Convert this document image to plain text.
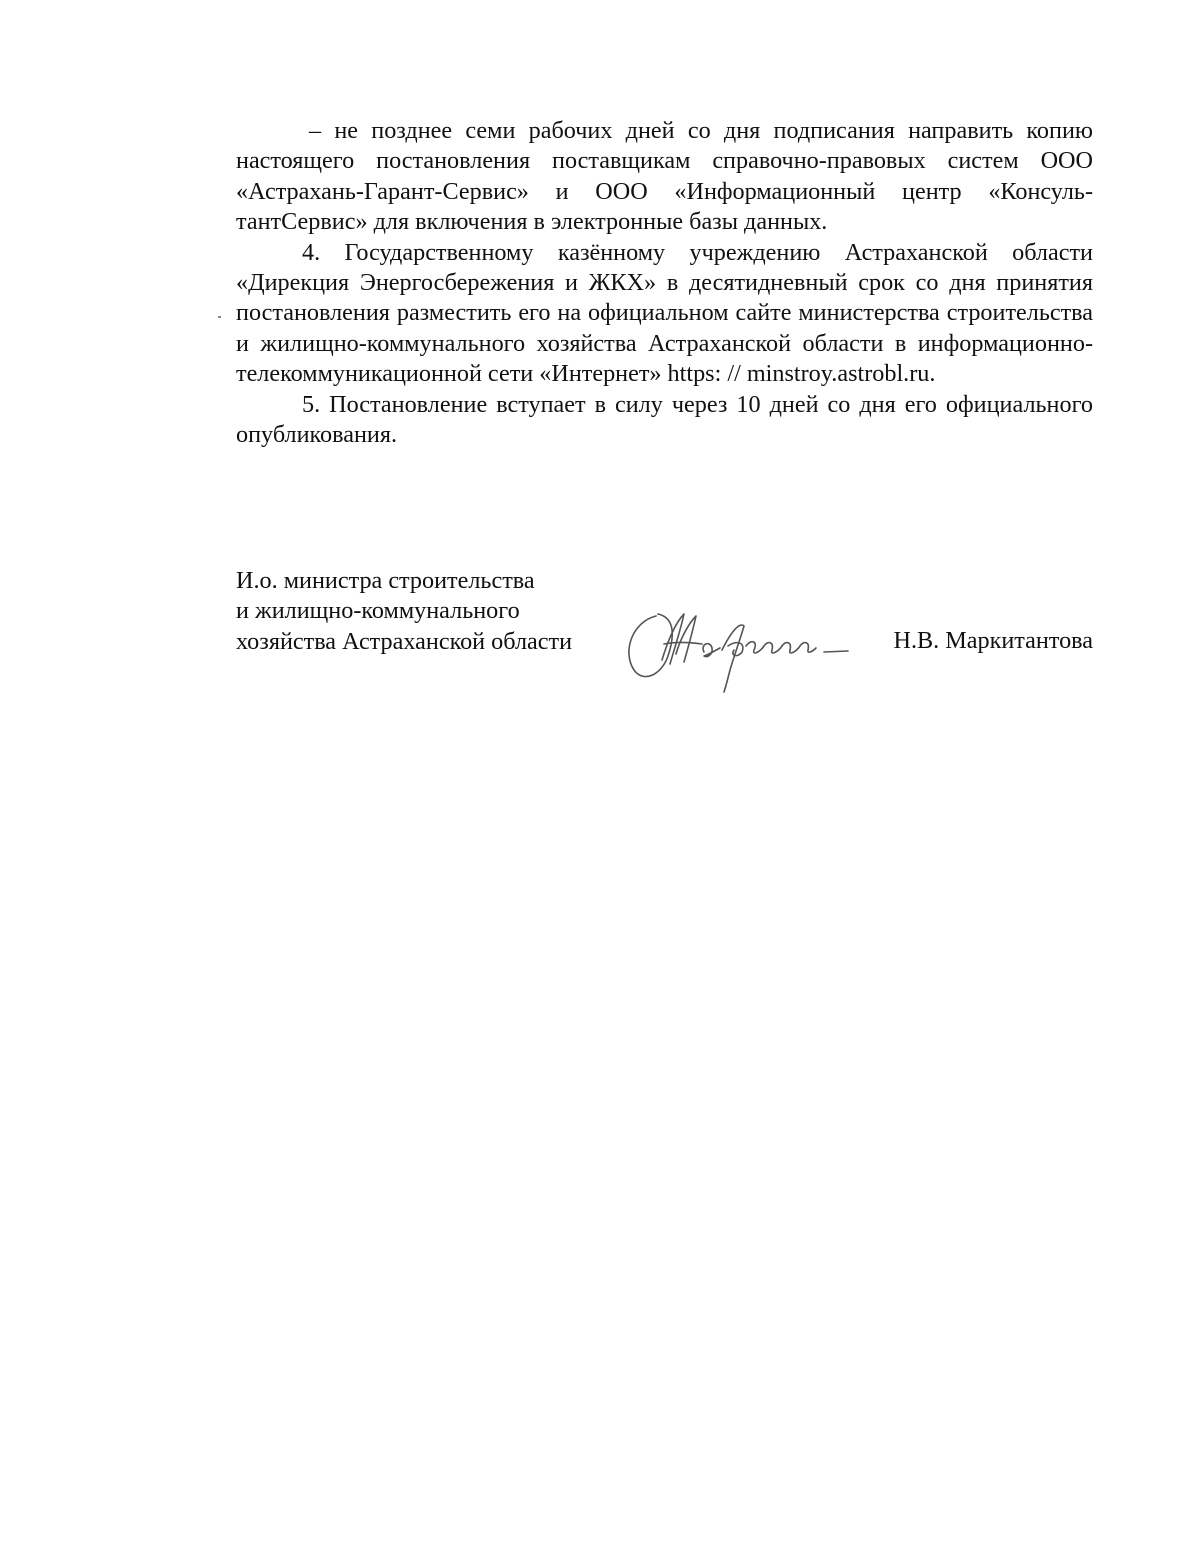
– не позднее семи рабочих дней со дня подписания направить копию настоящего постановления поставщикам справочно-правовых систем ООО «Астрахань-Гарант-Сервис» и ООО «Информационный центр «КонсультантСервис» для включения в электронные базы данных.

4. Государственному казённому учреждению Астраханской области «Дирекция Энергосбережения и ЖКХ» в десятидневный срок со дня принятия постановления разместить его на официальном сайте министерства строительства и жилищно-коммунального хозяйства Астраханской области в информационно-телекоммуникационной сети «Интернет» https: // minstroy.astrobl.ru.

5. Постановление вступает в силу через 10 дней со дня его официального опубликования.

И.о. министра строительства
и жилищно-коммунального
хозяйства Астраханской области	Н.В. Маркитантова
